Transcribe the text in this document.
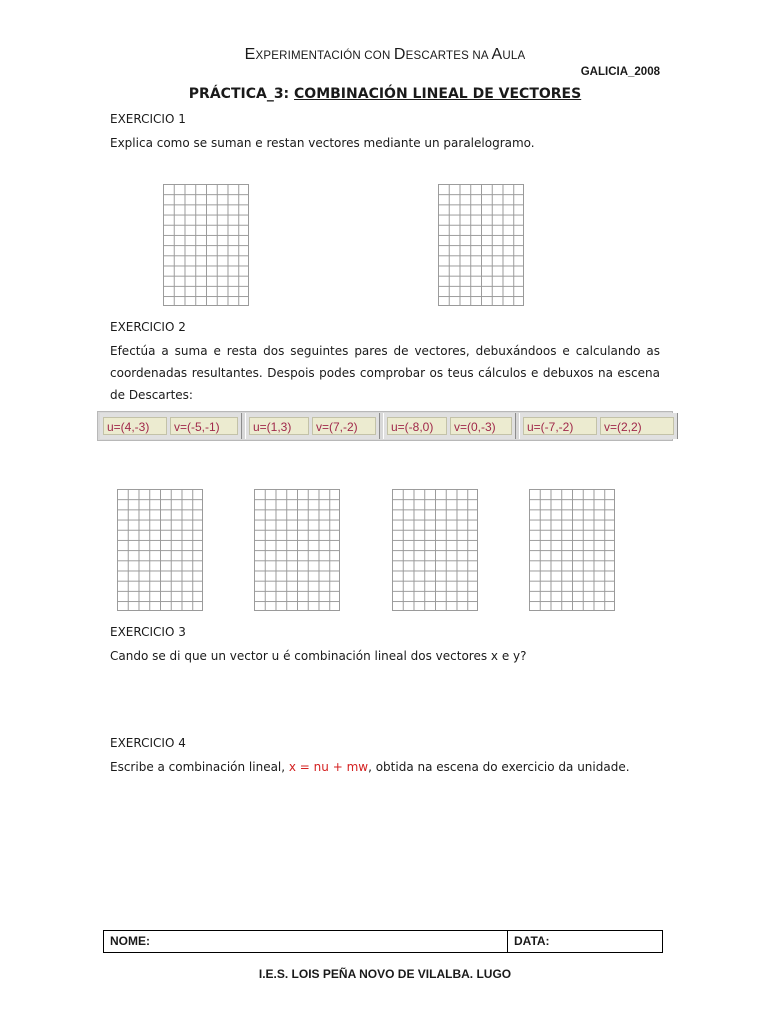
EXPERIMENTACIÓN CON DESCARTES NA AULA
GALICIA_2008
PRÁCTICA_3: COMBINACIÓN LINEAL DE VECTORES
EXERCICIO 1
Explica como se suman e restan vectores mediante un paralelogramo.
EXERCICIO 2
Efectúa a suma e resta dos seguintes pares de vectores, debuxándoos e calculando as coordenadas resultantes. Despois podes comprobar os teus cálculos e debuxos na escena de Descartes:
u=(4,-3)	v=(-5,-1)	u=(1,3)	v=(7,-2)	u=(-8,0)	v=(0,-3)	u=(-7,-2)	v=(2,2)
EXERCICIO 3
Cando se di que un vector u é combinación lineal dos vectores x e y?
EXERCICIO 4
Escribe a combinación lineal, x = nu + mw, obtida na escena do exercicio da unidade.
NOME:	DATA:
I.E.S. LOIS PEÑA NOVO DE VILALBA. LUGO
